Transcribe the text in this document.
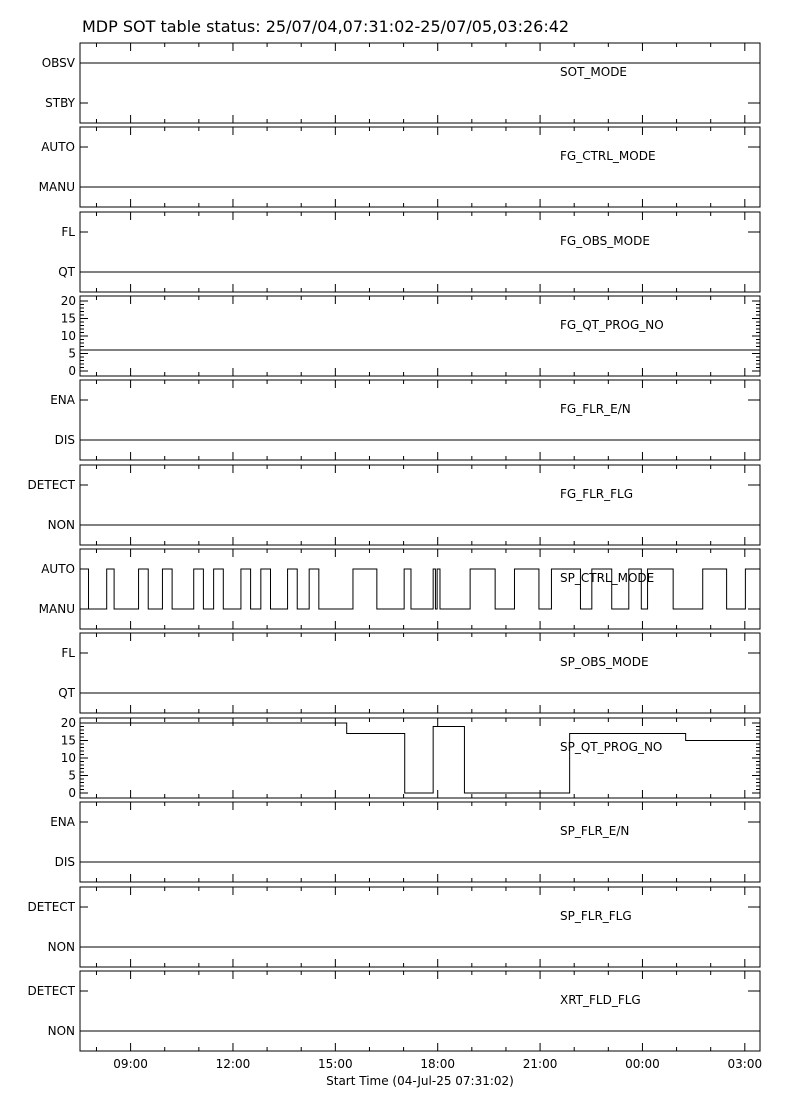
MDP SOT table status: 25/07/04,07:31:02-25/07/05,03:26:42
OBSV
STBY
SOT_MODE
AUTO
MANU
FG_CTRL_MODE
FL
QT
FG_OBS_MODE
20
15
10
5
0
FG_QT_PROG_NO
ENA
DIS
FG_FLR_E/N
DETECT
NON
FG_FLR_FLG
AUTO
MANU
SP_CTRL_MODE
FL
QT
SP_OBS_MODE
20
15
10
5
0
SP_QT_PROG_NO
ENA
DIS
SP_FLR_E/N
DETECT
NON
SP_FLR_FLG
DETECT
NON
XRT_FLD_FLG
09:00	12:00	15:00	18:00	21:00	00:00	03:00
Start Time (04-Jul-25 07:31:02)
